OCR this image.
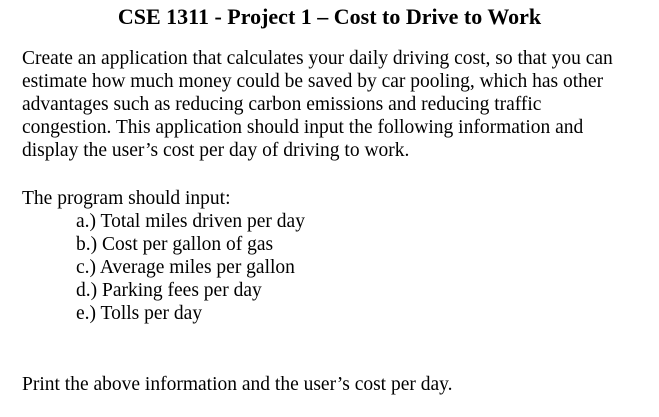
CSE 1311 - Project 1 – Cost to Drive to Work
Create an application that calculates your daily driving cost, so that you can
estimate how much money could be saved by car pooling, which has other
advantages such as reducing carbon emissions and reducing traffic
congestion. This application should input the following information and
display the user’s cost per day of driving to work.
The program should input:
a.) Total miles driven per day
b.) Cost per gallon of gas
c.) Average miles per gallon
d.) Parking fees per day
e.) Tolls per day
Print the above information and the user’s cost per day.
